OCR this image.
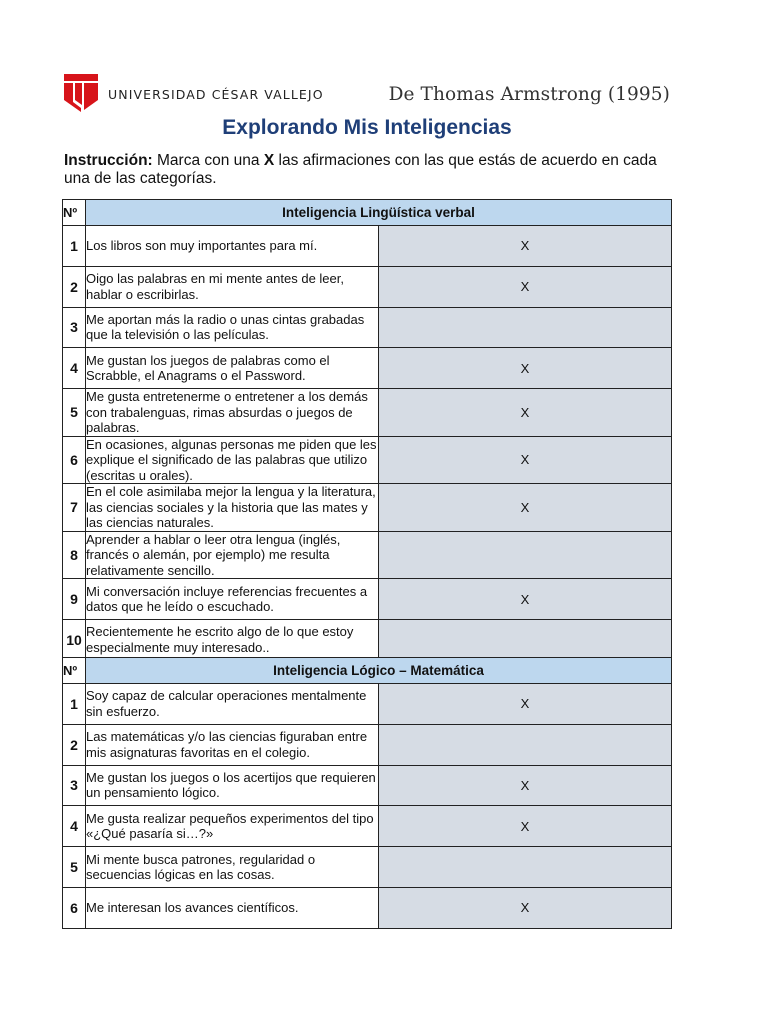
UNIVERSIDAD CÉSAR VALLEJO	De Thomas Armstrong (1995)
Explorando Mis Inteligencias
Instrucción: Marca con una X las afirmaciones con las que estás de acuerdo en cada una de las categorías.
Nº	Inteligencia Lingüística verbal	
1	Los libros son muy importantes para mí.	X
2	Oigo las palabras en mi mente antes de leer, hablar o escribirlas.	X
3	Me aportan más la radio o unas cintas grabadas que la televisión o las películas.	
4	Me gustan los juegos de palabras como el Scrabble, el Anagrams o el Password.	X
5	Me gusta entretenerme o entretener a los demás con trabalenguas, rimas absurdas o juegos de palabras.	X
6	En ocasiones, algunas personas me piden que les explique el significado de las palabras que utilizo (escritas u orales).	X
7	En el cole asimilaba mejor la lengua y la literatura, las ciencias sociales y la historia que las mates y las ciencias naturales.	X
8	Aprender a hablar o leer otra lengua (inglés, francés o alemán, por ejemplo) me resulta relativamente sencillo.	
9	Mi conversación incluye referencias frecuentes a datos que he leído o escuchado.	X
10	Recientemente he escrito algo de lo que estoy especialmente muy interesado..	
Nº	Inteligencia Lógico – Matemática	
1	Soy capaz de calcular operaciones mentalmente sin esfuerzo.	X
2	Las matemáticas y/o las ciencias figuraban entre mis asignaturas favoritas en el colegio.	
3	Me gustan los juegos o los acertijos que requieren un pensamiento lógico.	X
4	Me gusta realizar pequeños experimentos del tipo «¿Qué pasaría si…?»	X
5	Mi mente busca patrones, regularidad o secuencias lógicas en las cosas.	
6	Me interesan los avances científicos.	X
